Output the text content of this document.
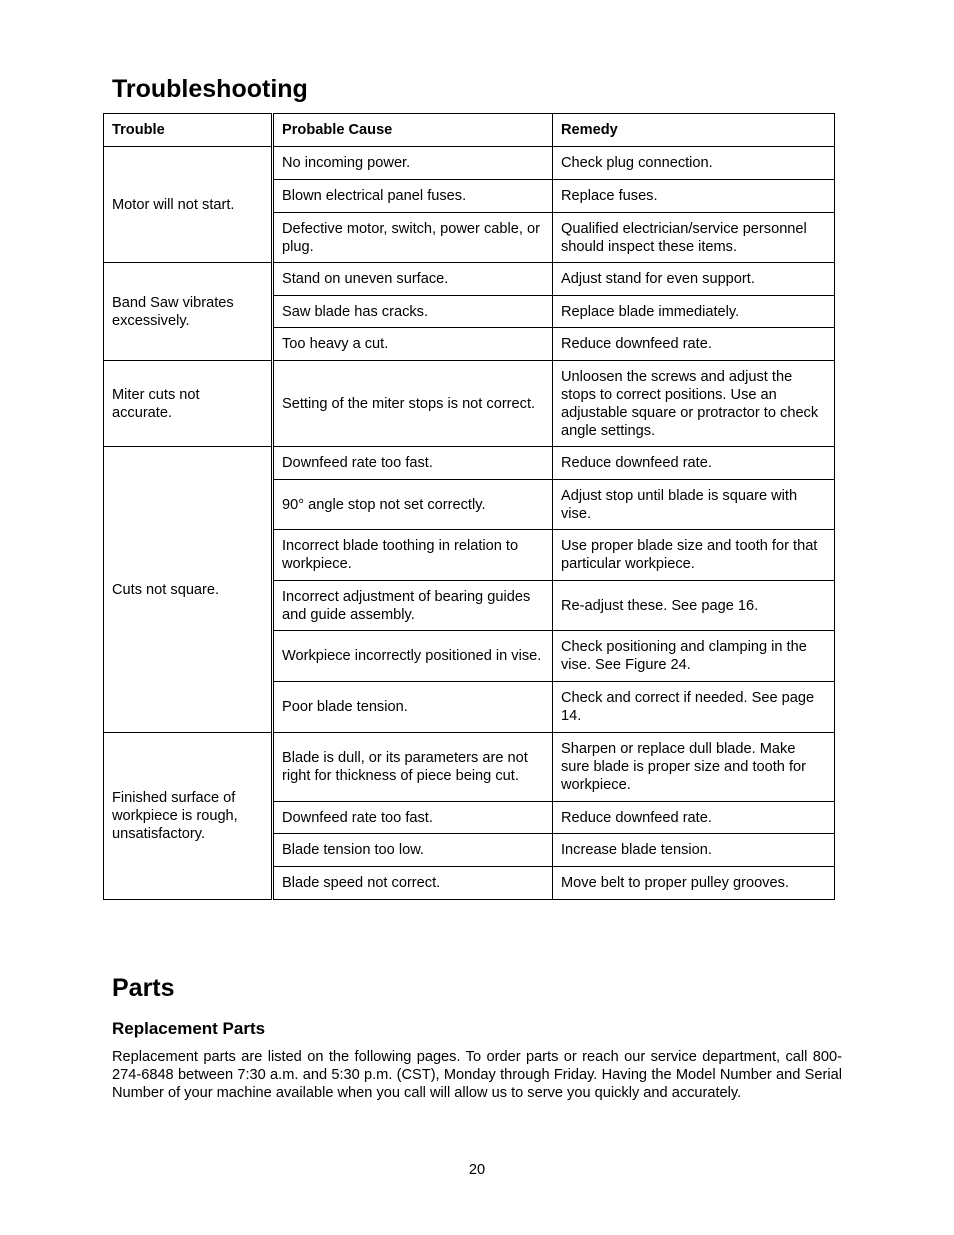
Troubleshooting
Trouble	Probable Cause	Remedy
Motor will not start.	No incoming power.	Check plug connection.
	Blown electrical panel fuses.	Replace fuses.
	Defective motor, switch, power cable, or plug.	Qualified electrician/service personnel should inspect these items.
Band Saw vibrates excessively.	Stand on uneven surface.	Adjust stand for even support.
	Saw blade has cracks.	Replace blade immediately.
	Too heavy a cut.	Reduce downfeed rate.
Miter cuts not accurate.	Setting of the miter stops is not correct.	Unloosen the screws and adjust the stops to correct positions. Use an adjustable square or protractor to check angle settings.
Cuts not square.	Downfeed rate too fast.	Reduce downfeed rate.
	90° angle stop not set correctly.	Adjust stop until blade is square with vise.
	Incorrect blade toothing in relation to workpiece.	Use proper blade size and tooth for that particular workpiece.
	Incorrect adjustment of bearing guides and guide assembly.	Re-adjust these. See page 16.
	Workpiece incorrectly positioned in vise.	Check positioning and clamping in the vise. See Figure 24.
	Poor blade tension.	Check and correct if needed. See page 14.
Finished surface of workpiece is rough, unsatisfactory.	Blade is dull, or its parameters are not right for thickness of piece being cut.	Sharpen or replace dull blade. Make sure blade is proper size and tooth for workpiece.
	Downfeed rate too fast.	Reduce downfeed rate.
	Blade tension too low.	Increase blade tension.
	Blade speed not correct.	Move belt to proper pulley grooves.
Parts
Replacement Parts

Replacement parts are listed on the following pages. To order parts or reach our service department, call 800-274-6848 between 7:30 a.m. and 5:30 p.m. (CST), Monday through Friday. Having the Model Number and Serial Number of your machine available when you call will allow us to serve you quickly and accurately.

20
